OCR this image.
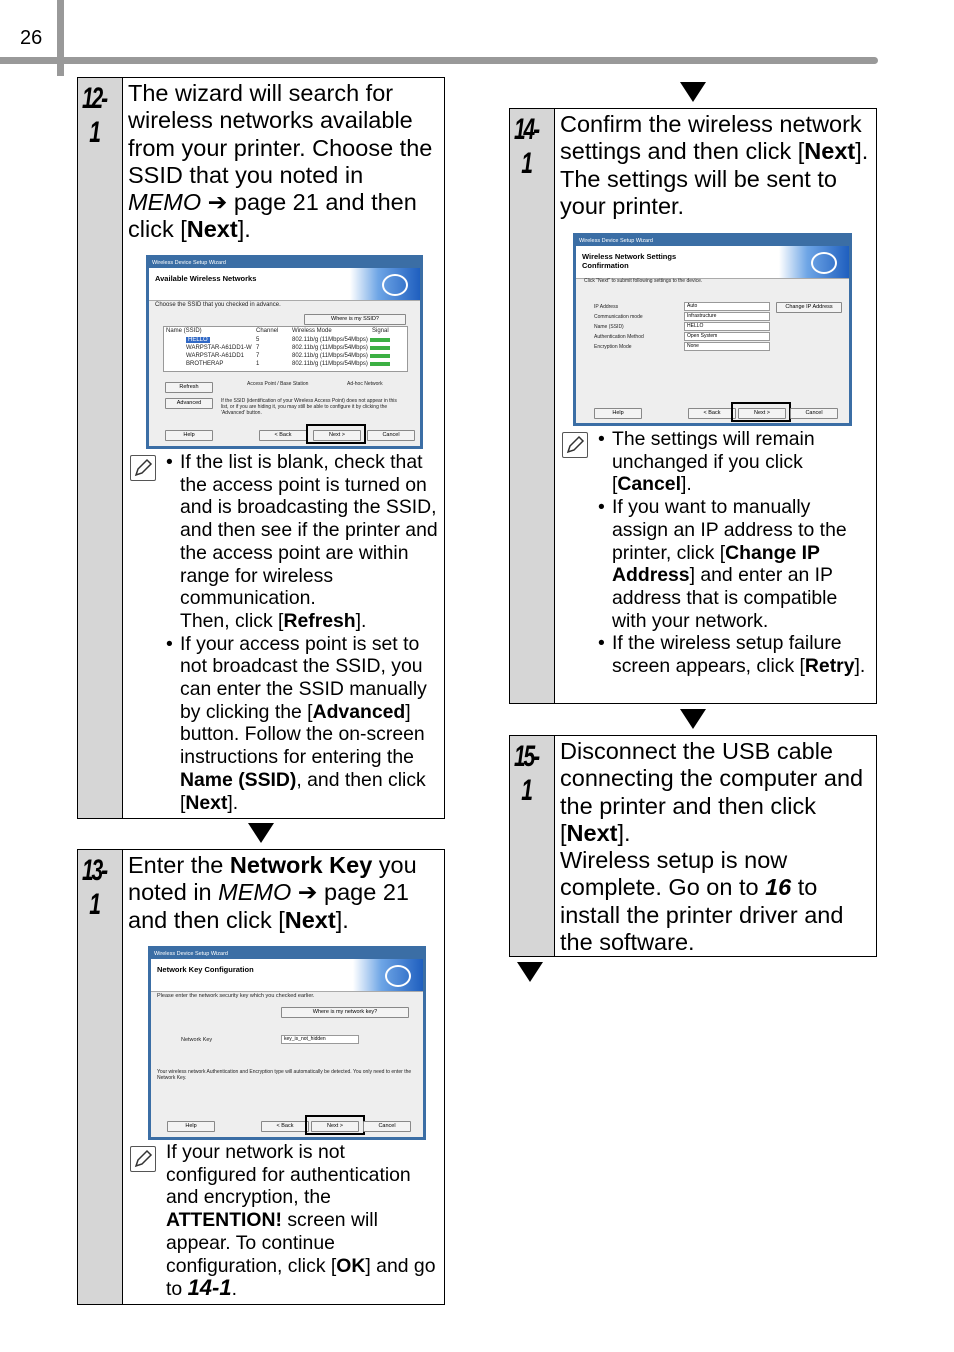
26
12-1
The wizard will search for wireless networks available from your printer. Choose the SSID that you noted in MEMO ➔ page 21 and then click [Next].
Wireless Device Setup Wizard
Available Wireless Networks
Choose the SSID that you checked in advance.
Where is my SSID?
Name (SSID)	Channel Wireless Mode	Signal
HELLO	5	802.11b/g (11Mbps/54Mbps)
WARPSTAR-A61DD1-W 7	802.11b/g (11Mbps/54Mbps)
WARPSTAR-A61DD1 7	802.11b/g (11Mbps/54Mbps)
BROTHERAP	1	802.11b/g (11Mbps/54Mbps)
Refresh	Access Point / Base Station	Ad-hoc Network
Advanced	If the SSID (identification of your Wireless Access Point) does not appear in this list, or if you are hiding it, you may still be able to configure it by clicking the 'Advanced' button.
Help	< Back	Next >	Cancel
• If the list is blank, check that the access point is turned on and is broadcasting the SSID, and then see if the printer and the access point are within range for wireless communication.
Then, click [Refresh].
• If your access point is set to not broadcast the SSID, you can enter the SSID manually by clicking the [Advanced] button. Follow the on-screen instructions for entering the Name (SSID), and then click [Next].
13-1
Enter the Network Key you noted in MEMO ➔ page 21 and then click [Next].
Wireless Device Setup Wizard
Network Key Configuration
Please enter the network security key which you checked earlier.
Where is my network key?
Network Key	key_is_not_hidden
Your wireless network Authentication and Encryption type will automatically be detected. You only need to enter the Network Key.
Help	< Back	Next >	Cancel
If your network is not configured for authentication and encryption, the ATTENTION! screen will appear. To continue configuration, click [OK] and go to 14-1.
14-1
Confirm the wireless network settings and then click [Next]. The settings will be sent to your printer.
Wireless Device Setup Wizard
Wireless Network Settings Confirmation
Click "Next" to submit following settings to the device.
IP Address	Auto
Communication mode	Infrastructure
Name (SSID)	HELLO
Authentication Method	Open System
Encryption Mode	None
Change IP Address
Help	< Back	Next >	Cancel
• The settings will remain unchanged if you click [Cancel].
• If you want to manually assign an IP address to the printer, click [Change IP Address] and enter an IP address that is compatible with your network.
• If the wireless setup failure screen appears, click [Retry].
15-1
Disconnect the USB cable connecting the computer and the printer and then click [Next].
Wireless setup is now complete. Go on to 16 to install the printer driver and the software.
